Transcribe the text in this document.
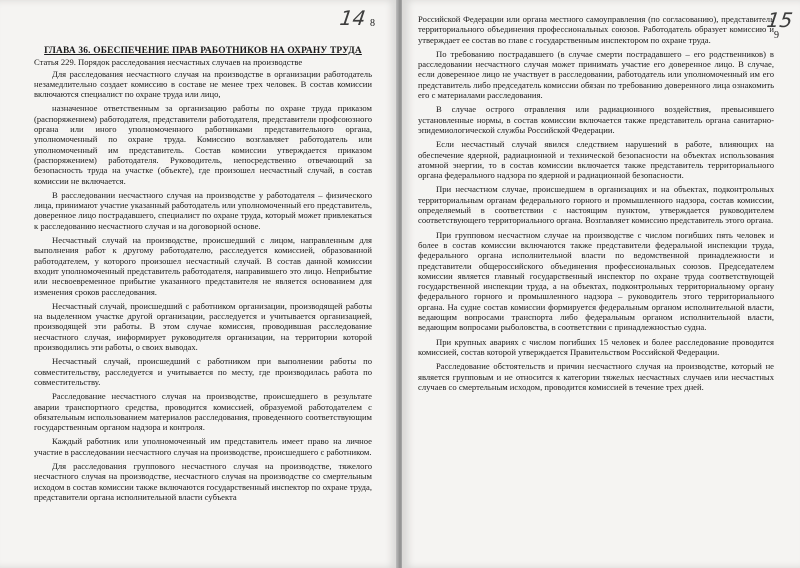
8
14
ГЛАВА 36. ОБЕСПЕЧЕНИЕ ПРАВ РАБОТНИКОВ НА ОХРАНУ ТРУДА
Статья 229. Порядок расследования несчастных случаев на производстве

Для расследования несчастного случая на производстве в организации работодатель незамедлительно создает комиссию в составе не менее трех человек. В состав комиссии включаются специалист по охране труда или лицо,

назначенное ответственным за организацию работы по охране труда приказом (распоряжением) работодателя, представители работодателя, представители профсоюзного органа или иного уполномоченного работниками представительного органа, уполномоченный по охране труда. Комиссию возглавляет работодатель или уполномоченный им представитель. Состав комиссии утверждается приказом (распоряжением) работодателя. Руководитель, непосредственно отвечающий за безопасность труда на участке (объекте), где произошел несчастный случай, в состав комиссии не включается.

В расследовании несчастного случая на производстве у работодателя – физического лица, принимают участие указанный работодатель или уполномоченный его представитель, доверенное лицо пострадавшего, специалист по охране труда, который может привлекаться к расследованию несчастного случая и на договорной основе.

Несчастный случай на производстве, происшедший с лицом, направленным для выполнения работ к другому работодателю, расследуется комиссией, образованной работодателем, у которого произошел несчастный случай. В состав данной комиссии входит уполномоченный представитель работодателя, направившего это лицо. Неприбытие или несвоевременное прибытие указанного представителя не является основанием для изменения сроков расследования.

Несчастный случай, происшедший с работником организации, производящей работы на выделенном участке другой организации, расследуется и учитывается организацией, производящей эти работы. В этом случае комиссия, проводившая расследование несчастного случая, информирует руководителя организации, на территории которой производились эти работы, о своих выводах.

Несчастный случай, происшедший с работником при выполнении работы по совместительству, расследуется и учитывается по месту, где производилась работа по совместительству.

Расследование несчастного случая на производстве, происшедшего в результате аварии транспортного средства, проводится комиссией, образуемой работодателем с обязательным использованием материалов расследования, проведенного соответствующим государственным органом надзора и контроля.

Каждый работник или уполномоченный им представитель имеет право на личное участие в расследовании несчастного случая на производстве, происшедшего с работником.

Для расследования группового несчастного случая на производстве, тяжелого несчастного случая на производстве, несчастного случая на производстве со смертельным исходом в состав комиссии также включаются государственный инспектор по охране труда, представители органа исполнительной власти субъекта

9
15

Российской Федерации или органа местного самоуправления (по согласованию), представитель территориального объединения профессиональных союзов. Работодатель образует комиссию и утверждает ее состав во главе с государственным инспектором по охране труда.

По требованию пострадавшего (в случае смерти пострадавшего – его родственников) в расследовании несчастного случая может принимать участие его доверенное лицо. В случае, если доверенное лицо не участвует в расследовании, работодатель или уполномоченный им его представитель либо председатель комиссии обязан по требованию доверенного лица ознакомить его с материалами расследования.

В случае острого отравления или радиационного воздействия, превысившего установленные нормы, в состав комиссии включается также представитель органа санитарно-эпидемиологической службы Российской Федерации.

Если несчастный случай явился следствием нарушений в работе, влияющих на обеспечение ядерной, радиационной и технической безопасности на объектах использования атомной энергии, то в состав комиссии включается также представитель территориального органа федерального надзора по ядерной и радиационной безопасности.

При несчастном случае, происшедшем в организациях и на объектах, подконтрольных территориальным органам федерального горного и промышленного надзора, состав комиссии, определяемый в соответствии с настоящим пунктом, утверждается руководителем соответствующего территориального органа. Возглавляет комиссию представитель этого органа.

При групповом несчастном случае на производстве с числом погибших пять человек и более в состав комиссии включаются также представители федеральной инспекции труда, федерального органа исполнительной власти по ведомственной принадлежности и представители общероссийского объединения профессиональных союзов. Председателем комиссии является главный государственный инспектор по охране труда соответствующей государственной инспекции труда, а на объектах, подконтрольных территориальному органу федерального горного и промышленного надзора – руководитель этого территориального органа. На судне состав комиссии формируется федеральным органом исполнительной власти, ведающим вопросами транспорта либо федеральным органом исполнительной власти, ведающим вопросами рыболовства, в соответствии с принадлежностью судна.

При крупных авариях с числом погибших 15 человек и более расследование проводится комиссией, состав которой утверждается Правительством Российской Федерации.

Расследование обстоятельств и причин несчастного случая на производстве, который не является групповым и не относится к категории тяжелых несчастных случаев или несчастных случаев со смертельным исходом, проводится комиссией в течение трех дней.
